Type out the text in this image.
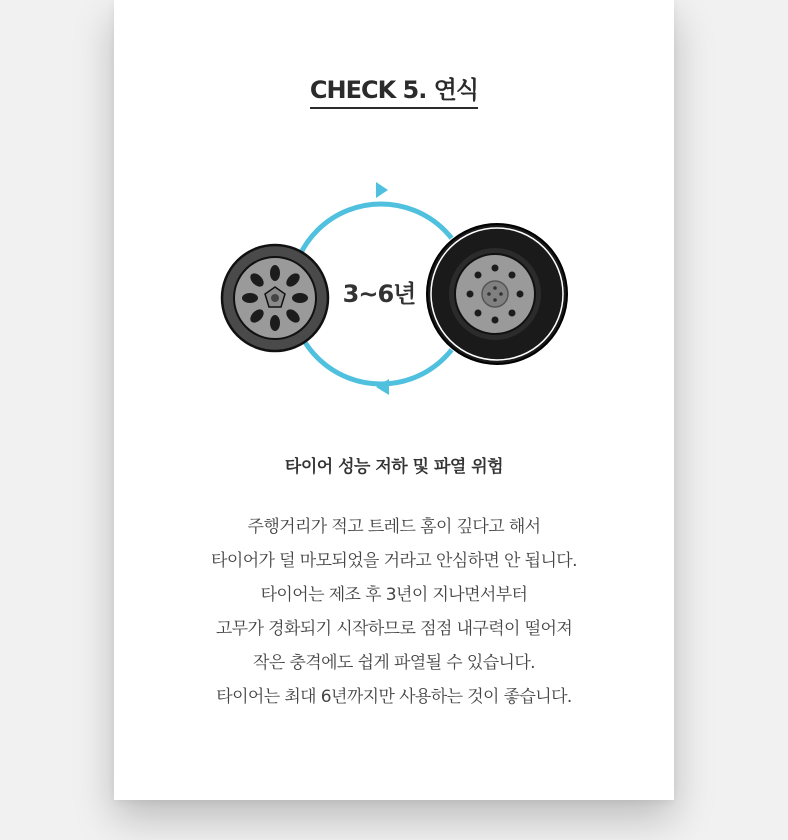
CHECK 5. 연식
3~6년
타이어 성능 저하 및 파열 위험
주행거리가 적고 트레드 홈이 깊다고 해서
타이어가 덜 마모되었을 거라고 안심하면 안 됩니다.
타이어는 제조 후 3년이 지나면서부터
고무가 경화되기 시작하므로 점점 내구력이 떨어져
작은 충격에도 쉽게 파열될 수 있습니다.
타이어는 최대 6년까지만 사용하는 것이 좋습니다.
